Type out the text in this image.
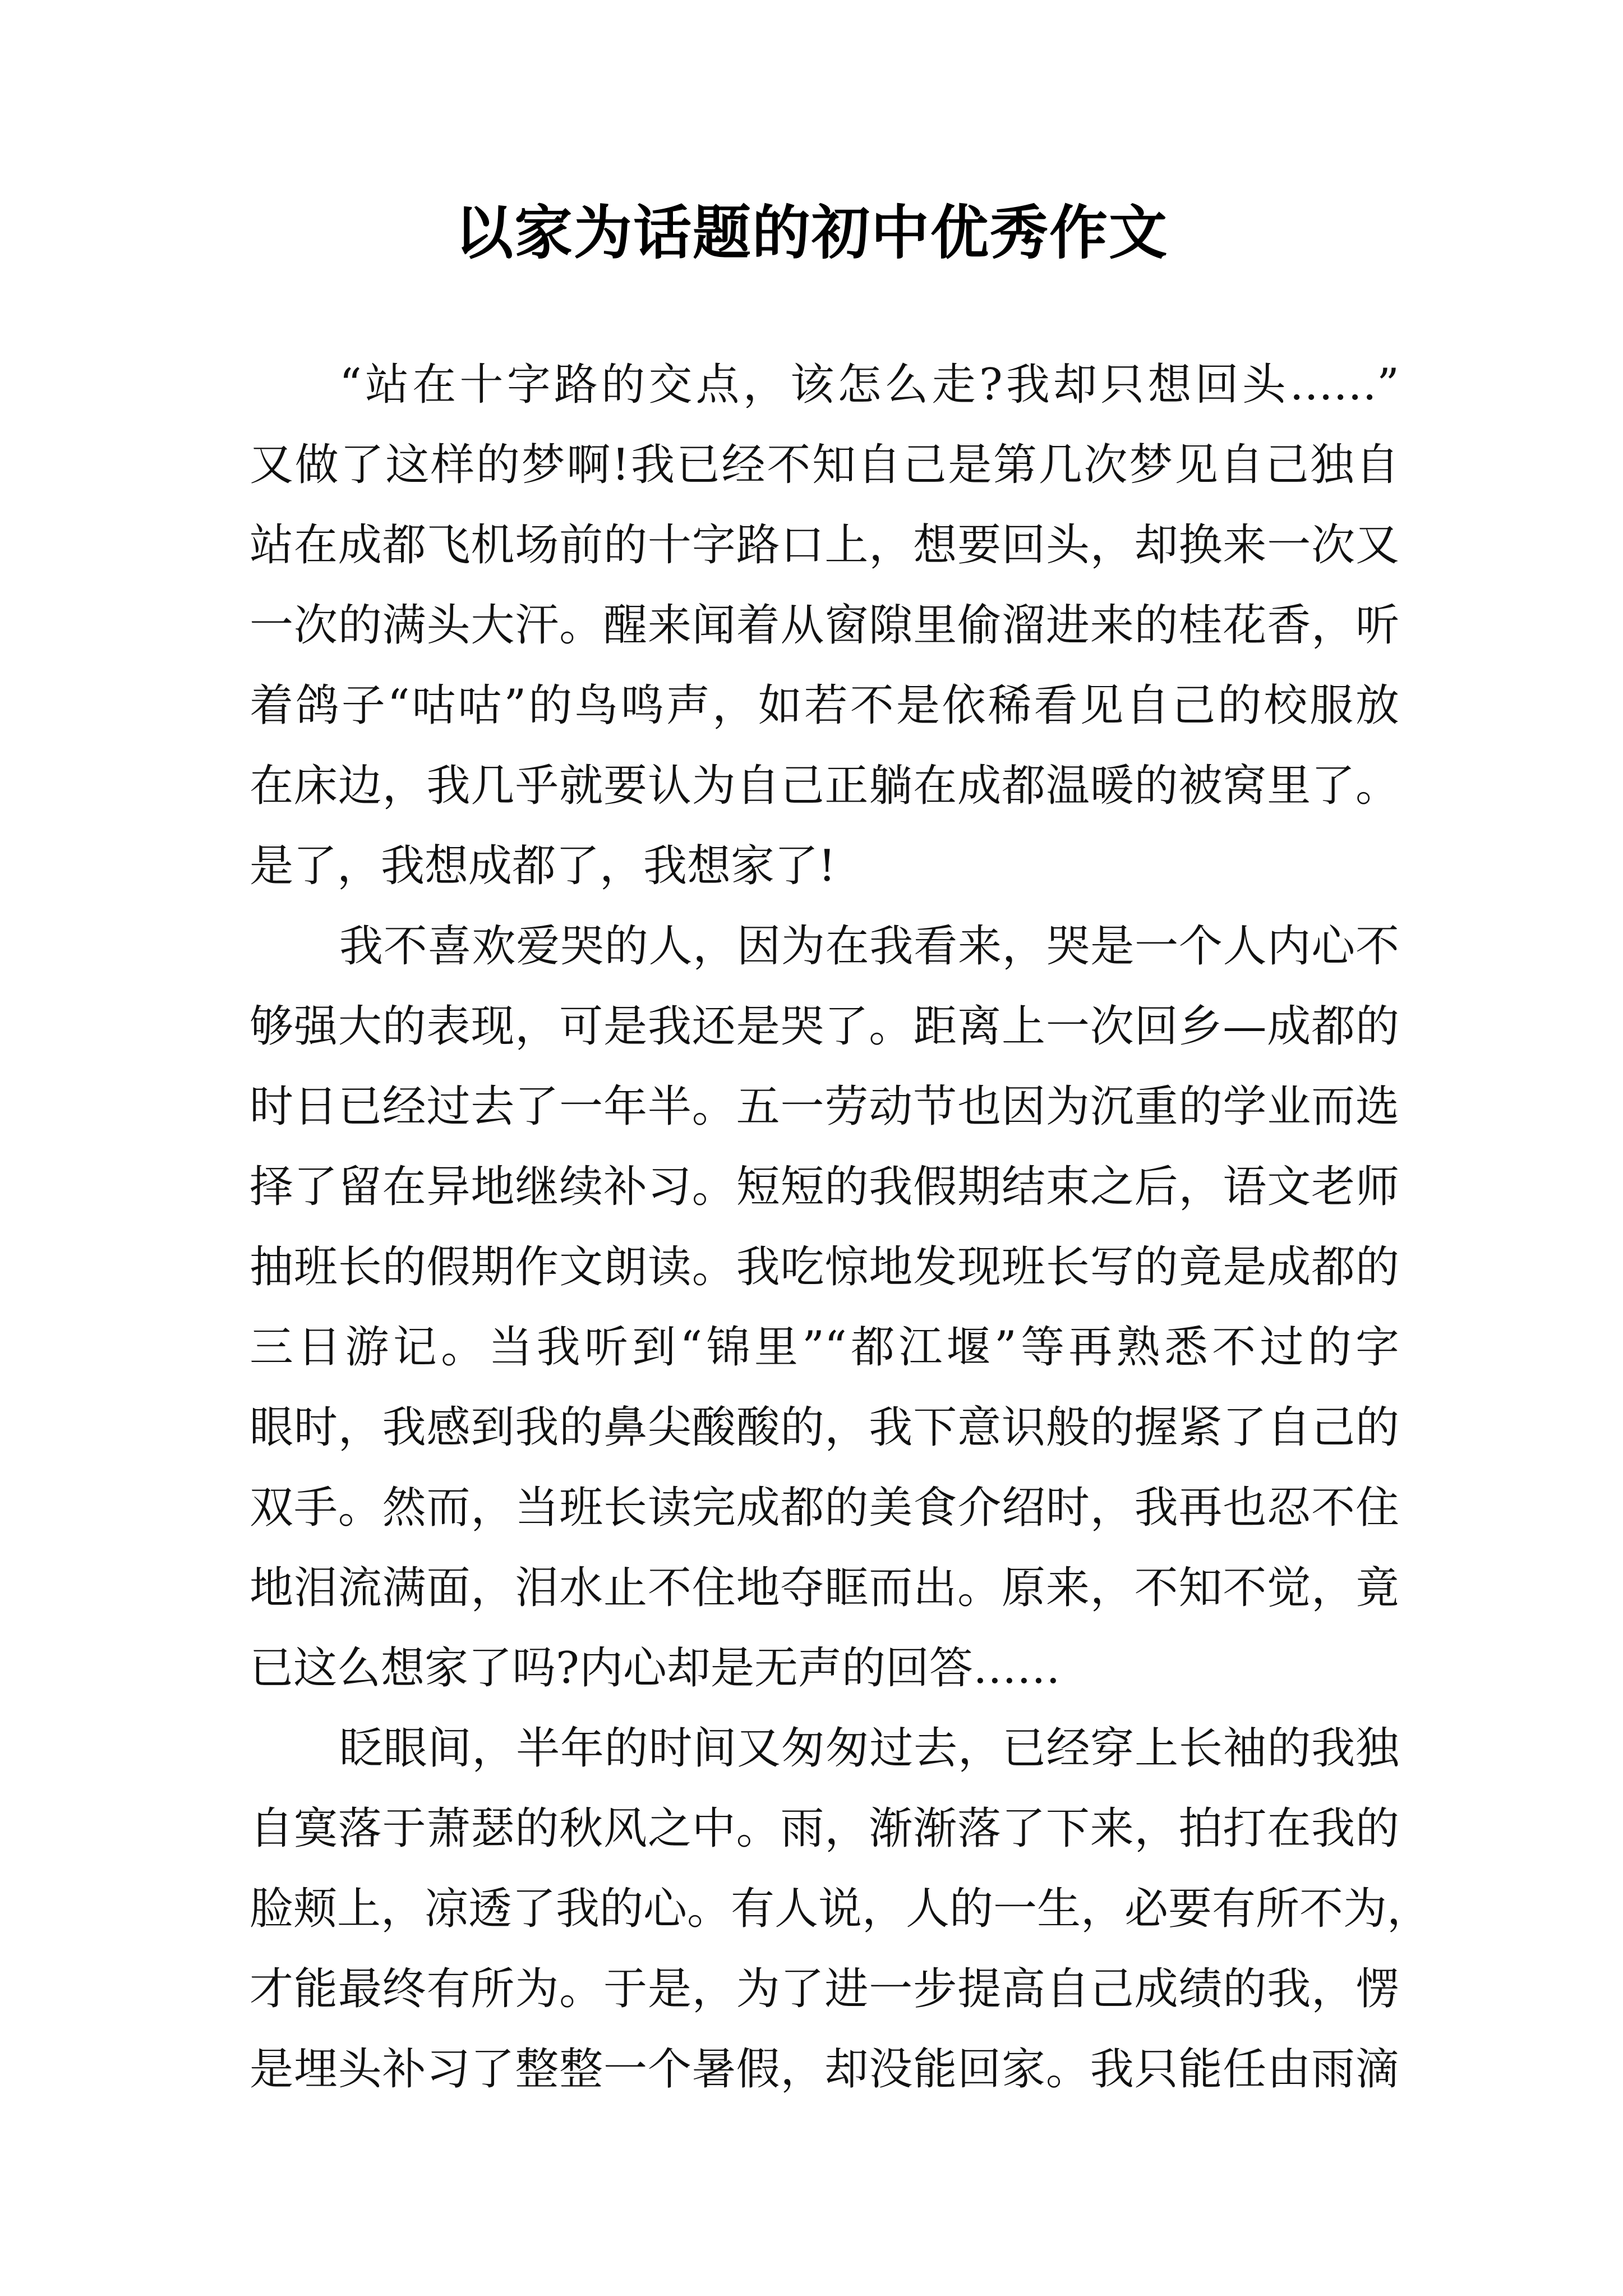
以家为话题的初中优秀作文
“站在十字路的交点，该怎么走?我却只想回头……”
又做了这样的梦啊!我已经不知自己是第几次梦见自己独自
站在成都飞机场前的十字路口上，想要回头，却换来一次又
一次的满头大汗。醒来闻着从窗隙里偷溜进来的桂花香，听
着鸽子“咕咕”的鸟鸣声，如若不是依稀看见自己的校服放
在床边，我几乎就要认为自己正躺在成都温暖的被窝里了。
是了，我想成都了，我想家了!
我不喜欢爱哭的人，因为在我看来，哭是一个人内心不
够强大的表现，可是我还是哭了。距离上一次回乡—成都的
时日已经过去了一年半。五一劳动节也因为沉重的学业而选
择了留在异地继续补习。短短的我假期结束之后，语文老师
抽班长的假期作文朗读。我吃惊地发现班长写的竟是成都的
三日游记。当我听到“锦里”“都江堰”等再熟悉不过的字
眼时，我感到我的鼻尖酸酸的，我下意识般的握紧了自己的
双手。然而，当班长读完成都的美食介绍时，我再也忍不住
地泪流满面，泪水止不住地夺眶而出。原来，不知不觉，竟
已这么想家了吗?内心却是无声的回答……
眨眼间，半年的时间又匆匆过去，已经穿上长袖的我独
自寞落于萧瑟的秋风之中。雨，渐渐落了下来，拍打在我的
脸颊上，凉透了我的心。有人说，人的一生，必要有所不为，
才能最终有所为。于是，为了进一步提高自己成绩的我，愣
是埋头补习了整整一个暑假，却没能回家。我只能任由雨滴
